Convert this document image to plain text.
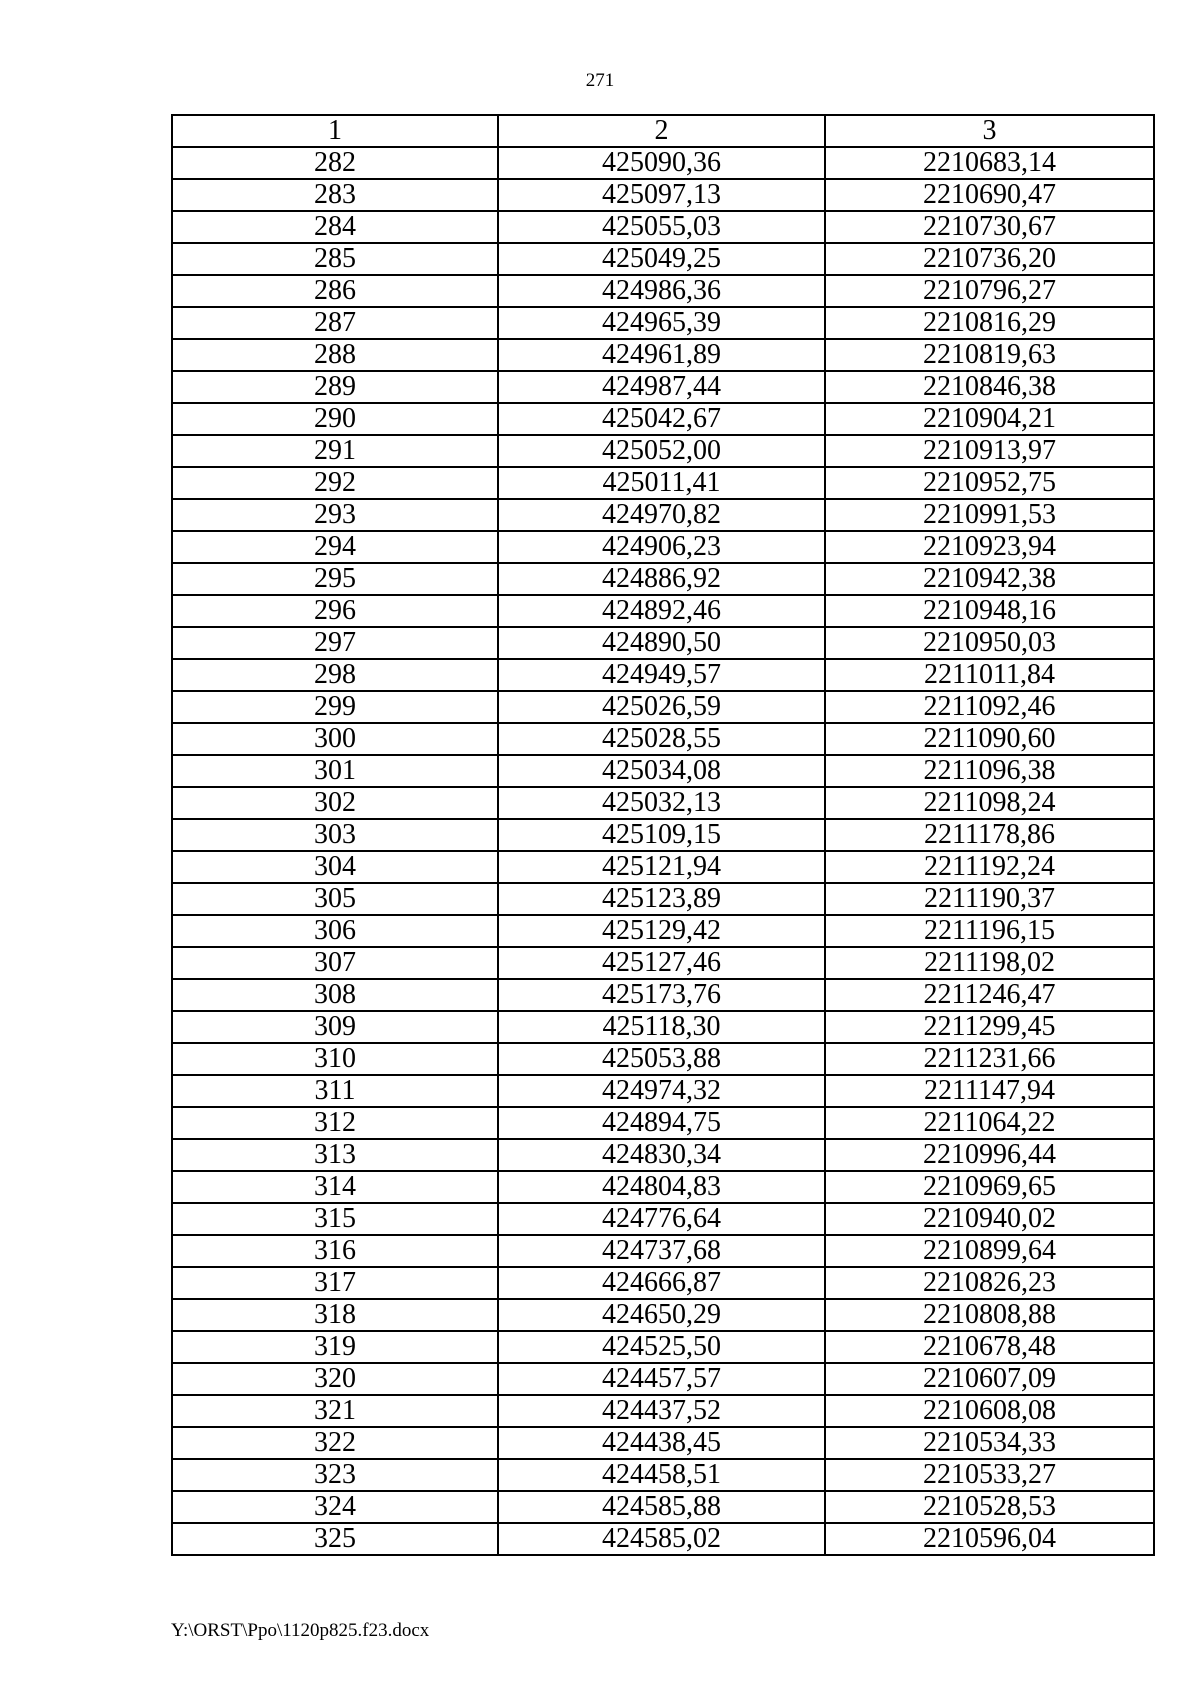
271
1	2	3
282	425090,36	2210683,14
283	425097,13	2210690,47
284	425055,03	2210730,67
285	425049,25	2210736,20
286	424986,36	2210796,27
287	424965,39	2210816,29
288	424961,89	2210819,63
289	424987,44	2210846,38
290	425042,67	2210904,21
291	425052,00	2210913,97
292	425011,41	2210952,75
293	424970,82	2210991,53
294	424906,23	2210923,94
295	424886,92	2210942,38
296	424892,46	2210948,16
297	424890,50	2210950,03
298	424949,57	2211011,84
299	425026,59	2211092,46
300	425028,55	2211090,60
301	425034,08	2211096,38
302	425032,13	2211098,24
303	425109,15	2211178,86
304	425121,94	2211192,24
305	425123,89	2211190,37
306	425129,42	2211196,15
307	425127,46	2211198,02
308	425173,76	2211246,47
309	425118,30	2211299,45
310	425053,88	2211231,66
311	424974,32	2211147,94
312	424894,75	2211064,22
313	424830,34	2210996,44
314	424804,83	2210969,65
315	424776,64	2210940,02
316	424737,68	2210899,64
317	424666,87	2210826,23
318	424650,29	2210808,88
319	424525,50	2210678,48
320	424457,57	2210607,09
321	424437,52	2210608,08
322	424438,45	2210534,33
323	424458,51	2210533,27
324	424585,88	2210528,53
325	424585,02	2210596,04
Y:\ORST\Ppo\1120p825.f23.docx
